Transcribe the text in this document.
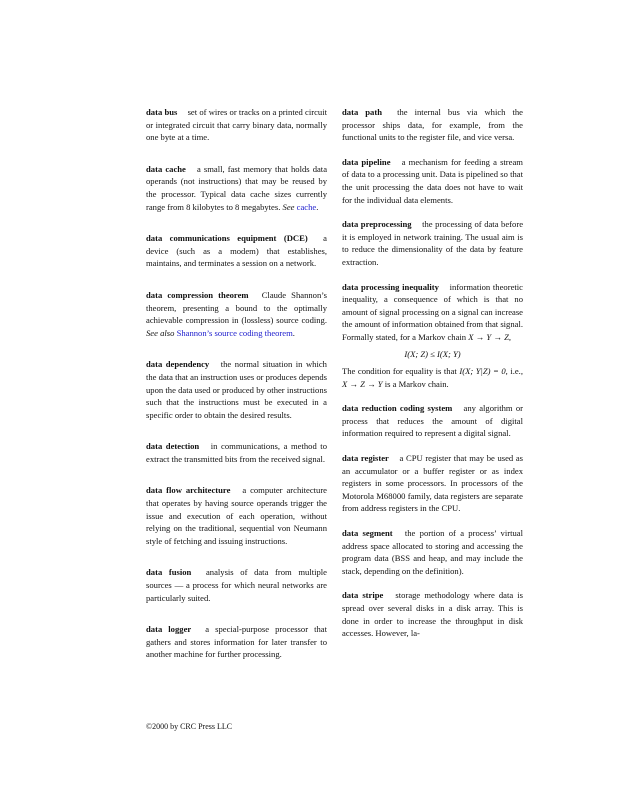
data bus set of wires or tracks on a printed circuit or integrated circuit that carry binary data, normally one byte at a time.

data cache a small, fast memory that holds data operands (not instructions) that may be reused by the processor. Typical data cache sizes currently range from 8 kilobytes to 8 megabytes. See cache.

data communications equipment (DCE) a device (such as a modem) that establishes, maintains, and terminates a session on a network.

data compression theorem Claude Shannon’s theorem, presenting a bound to the optimally achievable compression in (lossless) source coding. See also Shannon’s source coding theorem.

data dependency the normal situation in which the data that an instruction uses or produces depends upon the data used or produced by other instructions such that the instructions must be executed in a specific order to obtain the desired results.

data detection in communications, a method to extract the transmitted bits from the received signal.

data flow architecture a computer architecture that operates by having source operands trigger the issue and execution of each operation, without relying on the traditional, sequential von Neumann style of fetching and issuing instructions.

data fusion analysis of data from multiple sources — a process for which neural networks are particularly suited.

data logger a special-purpose processor that gathers and stores information for later transfer to another machine for further processing.

data path the internal bus via which the processor ships data, for example, from the functional units to the register file, and vice versa.

data pipeline a mechanism for feeding a stream of data to a processing unit. Data is pipelined so that the unit processing the data does not have to wait for the individual data elements.

data preprocessing the processing of data before it is employed in network training. The usual aim is to reduce the dimensionality of the data by feature extraction.

data processing inequality information theoretic inequality, a consequence of which is that no amount of signal processing on a signal can increase the amount of information obtained from that signal. Formally stated, for a Markov chain X → Y → Z,

I(X; Z) ≤ I(X; Y)

The condition for equality is that I(X; Y|Z) = 0, i.e., X → Z → Y is a Markov chain.

data reduction coding system any algorithm or process that reduces the amount of digital information required to represent a digital signal.

data register a CPU register that may be used as an accumulator or a buffer register or as index registers in some processors. In processors of the Motorola M68000 family, data registers are separate from address registers in the CPU.

data segment the portion of a process’ virtual address space allocated to storing and accessing the program data (BSS and heap, and may include the stack, depending on the definition).

data stripe storage methodology where data is spread over several disks in a disk array. This is done in order to increase the throughput in disk accesses. However, la-

©2000 by CRC Press LLC
